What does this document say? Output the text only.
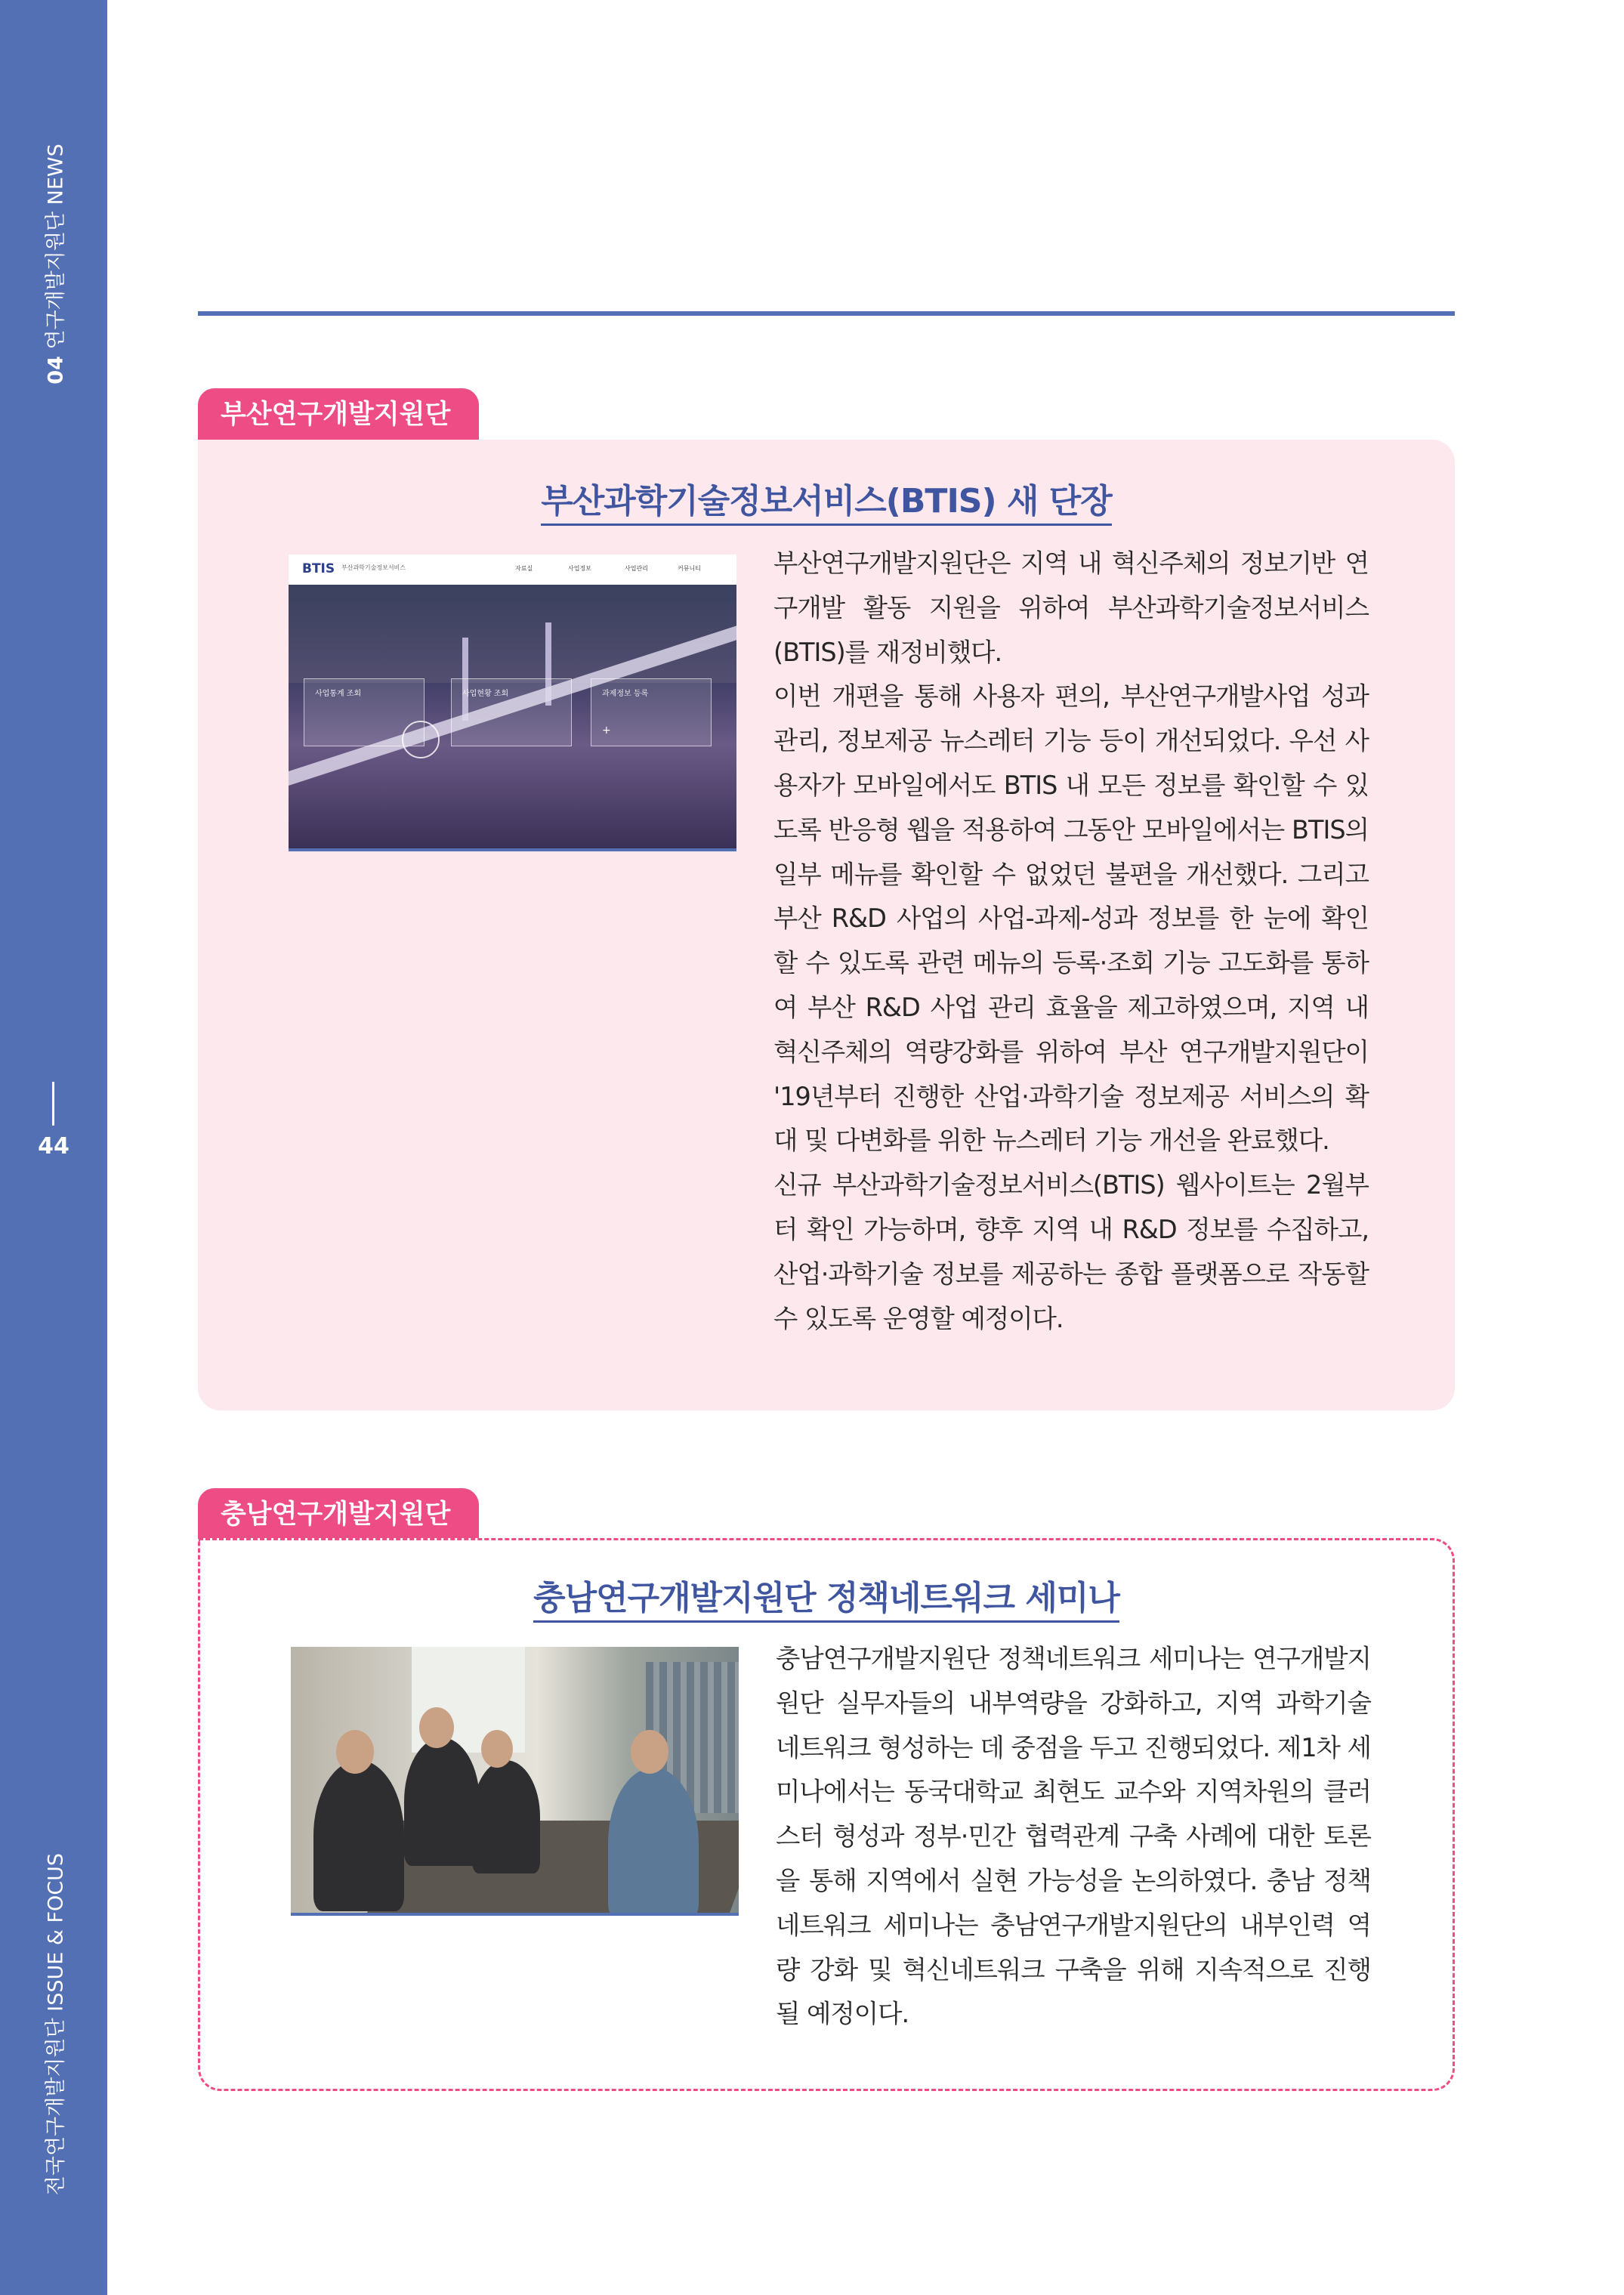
04 연구개발지원단 NEWS
44
전국연구개발지원단 ISSUE & FOCUS
부산연구개발지원단
부산과학기술정보서비스(BTIS) 새 단장
BTIS 부산과학기술정보서비스	자료실	사업정보	사업관리	커뮤니티
사업통계 조회	사업현황 조회	과제정보 등록
+

부산연구개발지원단은 지역 내 혁신주체의 정보기반 연구개발 활동 지원을 위하여 부산과학기술정보서비스(BTIS)를 재정비했다.

이번 개편을 통해 사용자 편의, 부산연구개발사업 성과관리, 정보제공 뉴스레터 기능 등이 개선되었다. 우선 사용자가 모바일에서도 BTIS 내 모든 정보를 확인할 수 있도록 반응형 웹을 적용하여 그동안 모바일에서는 BTIS의 일부 메뉴를 확인할 수 없었던 불편을 개선했다. 그리고 부산 R&D 사업의 사업-과제-성과 정보를 한 눈에 확인할 수 있도록 관련 메뉴의 등록·조회 기능 고도화를 통하여 부산 R&D 사업 관리 효율을 제고하였으며, 지역 내 혁신주체의 역량강화를 위하여 부산 연구개발지원단이 '19년부터 진행한 산업·과학기술 정보제공 서비스의 확대 및 다변화를 위한 뉴스레터 기능 개선을 완료했다.

신규 부산과학기술정보서비스(BTIS) 웹사이트는 2월부터 확인 가능하며, 향후 지역 내 R&D 정보를 수집하고, 산업·과학기술 정보를 제공하는 종합 플랫폼으로 작동할 수 있도록 운영할 예정이다.

충남연구개발지원단
충남연구개발지원단 정책네트워크 세미나

충남연구개발지원단 정책네트워크 세미나는 연구개발지원단 실무자들의 내부역량을 강화하고, 지역 과학기술 네트워크 형성하는 데 중점을 두고 진행되었다. 제1차 세미나에서는 동국대학교 최현도 교수와 지역차원의 클러스터 형성과 정부·민간 협력관계 구축 사례에 대한 토론을 통해 지역에서 실현 가능성을 논의하였다. 충남 정책네트워크 세미나는 충남연구개발지원단의 내부인력 역량 강화 및 혁신네트워크 구축을 위해 지속적으로 진행될 예정이다.
